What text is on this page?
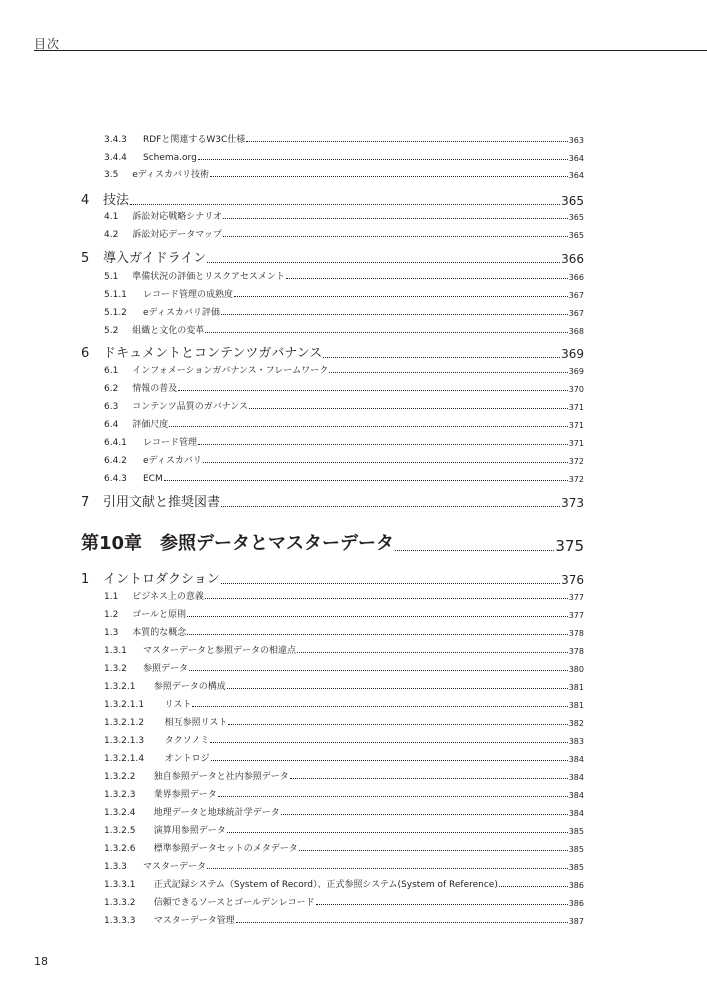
目次
3.4.3	RDFと関連するW3C仕様	363
3.4.4	Schema.org	364
3.5	eディスカバリ技術	364
4	技法	365
4.1	訴訟対応戦略シナリオ	365
4.2	訴訟対応データマップ	365
5	導入ガイドライン	366
5.1	準備状況の評価とリスクアセスメント	366
5.1.1	レコード管理の成熟度	367
5.1.2	eディスカバリ評価	367
5.2	組織と文化の変革	368
6	ドキュメントとコンテンツガバナンス	369
6.1	インフォメーションガバナンス・フレームワーク	369
6.2	情報の普及	370
6.3	コンテンツ品質のガバナンス	371
6.4	評価尺度	371
6.4.1	レコード管理	371
6.4.2	eディスカバリ	372
6.4.3	ECM	372
7	引用文献と推奨図書	373
第10章　参照データとマスターデータ	375
1	イントロダクション	376
1.1	ビジネス上の意義	377
1.2	ゴールと原則	377
1.3	本質的な概念	378
1.3.1	マスターデータと参照データの相違点	378
1.3.2	参照データ	380
1.3.2.1	参照データの構成	381
1.3.2.1.1	リスト	381
1.3.2.1.2	相互参照リスト	382
1.3.2.1.3	タクソノミ	383
1.3.2.1.4	オントロジ	384
1.3.2.2	独自参照データと社内参照データ	384
1.3.2.3	業界参照データ	384
1.3.2.4	地理データと地球統計学データ	384
1.3.2.5	演算用参照データ	385
1.3.2.6	標準参照データセットのメタデータ	385
1.3.3	マスターデータ	385
1.3.3.1	正式記録システム（System of Record）、正式参照システム(System of Reference)	386
1.3.3.2	信頼できるソースとゴールデンレコード	386
1.3.3.3	マスターデータ管理	387
18
